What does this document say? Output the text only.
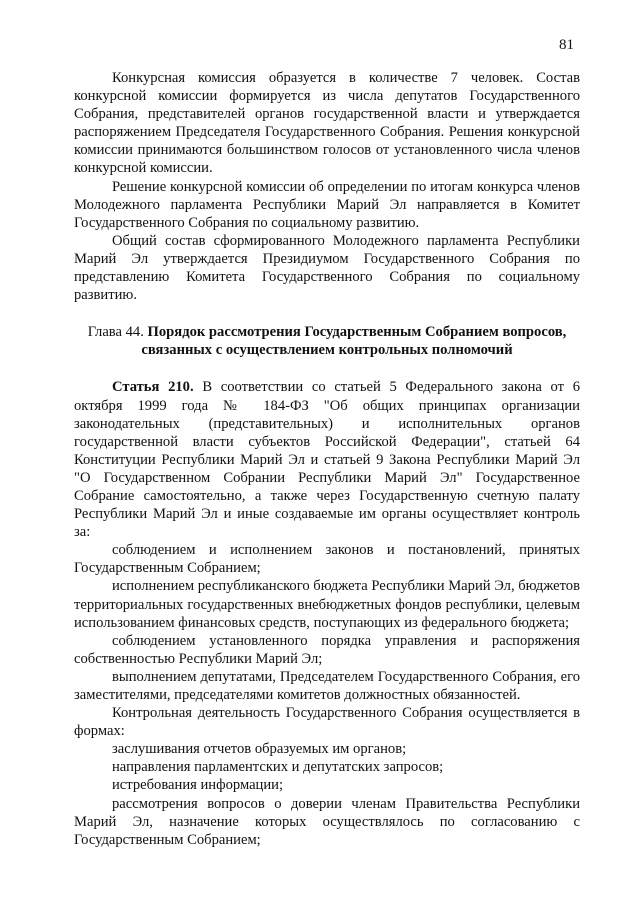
81

Конкурсная комиссия образуется в количестве 7 человек. Состав конкурсной комиссии формируется из числа депутатов Государственного Собрания, представителей органов государственной власти и утверждается распоряжением Председателя Государственного Собрания. Решения конкурсной комиссии принимаются большинством голосов от установленного числа членов конкурсной комиссии.

Решение конкурсной комиссии об определении по итогам конкурса членов Молодежного парламента Республики Марий Эл направляется в Комитет Государственного Собрания по социальному развитию.

Общий состав сформированного Молодежного парламента Республики Марий Эл утверждается Президиумом Государственного Собрания по представлению Комитета Государственного Собрания по социальному развитию.

Глава 44. Порядок рассмотрения Государственным Собранием вопросов,
связанных с осуществлением контрольных полномочий

Статья 210. В соответствии со статьей 5 Федерального закона от 6 октября 1999 года № 184-ФЗ "Об общих принципах организации законодательных (представительных) и исполнительных органов государственной власти субъектов Российской Федерации", статьей 64 Конституции Республики Марий Эл и статьей 9 Закона Республики Марий Эл "О Государственном Собрании Республики Марий Эл" Государственное Собрание самостоятельно, а также через Государственную счетную палату Республики Марий Эл и иные создаваемые им органы осуществляет контроль за:

соблюдением и исполнением законов и постановлений, принятых Государственным Собранием;

исполнением республиканского бюджета Республики Марий Эл, бюджетов территориальных государственных внебюджетных фондов республики, целевым использованием финансовых средств, поступающих из федерального бюджета;

соблюдением установленного порядка управления и распоряжения собственностью Республики Марий Эл;

выполнением депутатами, Председателем Государственного Собрания, его заместителями, председателями комитетов должностных обязанностей.

Контрольная деятельность Государственного Собрания осуществляется в формах:

заслушивания отчетов образуемых им органов;

направления парламентских и депутатских запросов;

истребования информации;

рассмотрения вопросов о доверии членам Правительства Республики Марий Эл, назначение которых осуществлялось по согласованию с Государственным Собранием;
